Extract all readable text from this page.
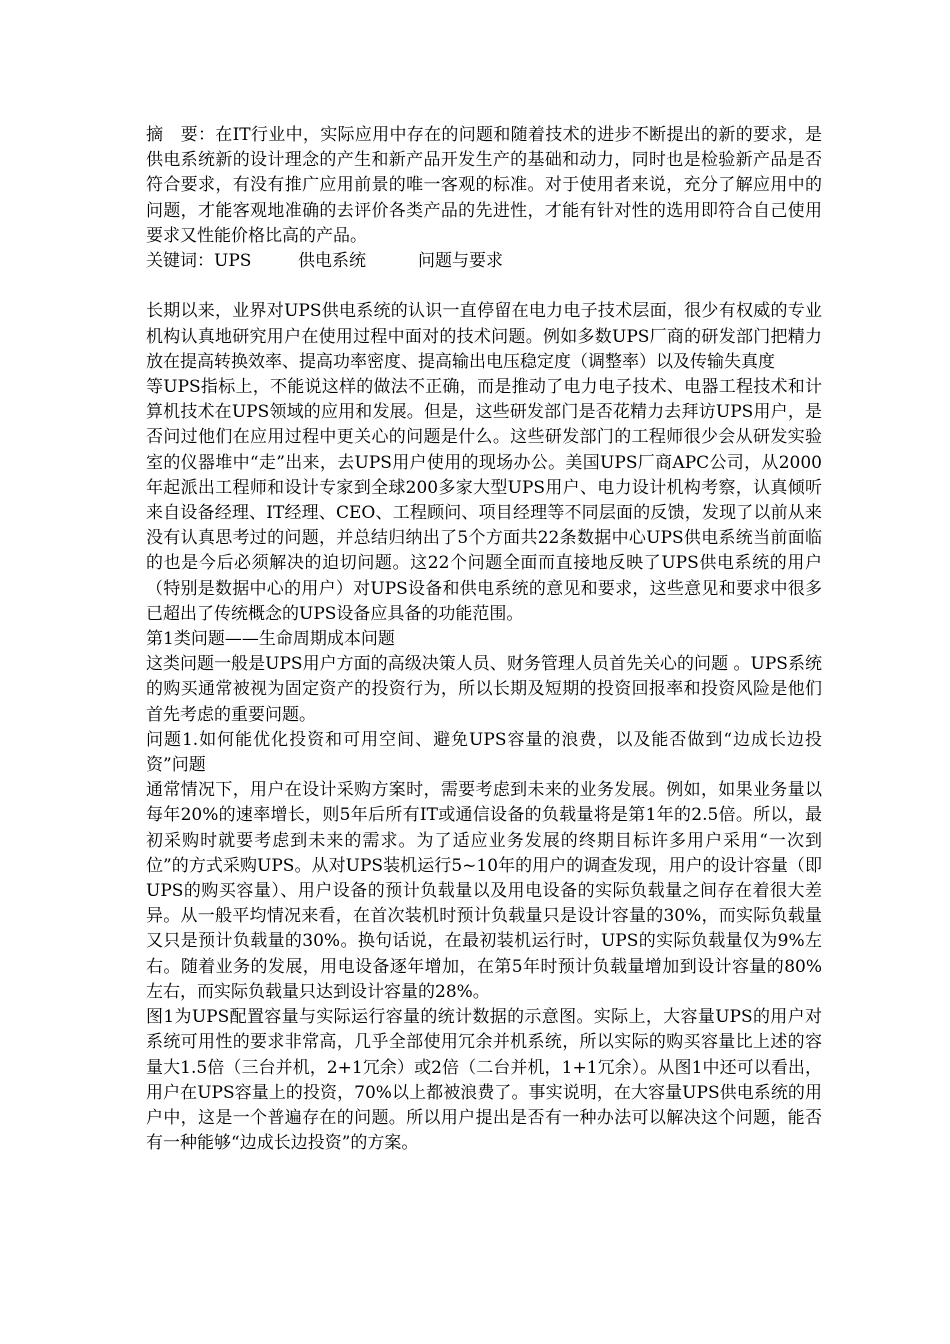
摘　要：在IT行业中，实际应用中存在的问题和随着技术的进步不断提出的新的要求，是供电系统新的设计理念的产生和新产品开发生产的基础和动力，同时也是检验新产品是否符合要求，有没有推广应用前景的唯一客观的标准。对于使用者来说，充分了解应用中的问题，才能客观地准确的去评价各类产品的先进性，才能有针对性的选用即符合自己使用要求又性能价格比高的产品。

关键词：UPS	供电系统	问题与要求

长期以来，业界对UPS供电系统的认识一直停留在电力电子技术层面，很少有权威的专业机构认真地研究用户在使用过程中面对的技术问题。例如多数UPS厂商的研发部门把精力放在提高转换效率、提高功率密度、提高输出电压稳定度（调整率）以及传输失真度

等UPS指标上，不能说这样的做法不正确，而是推动了电力电子技术、电器工程技术和计算机技术在UPS领域的应用和发展。但是，这些研发部门是否花精力去拜访UPS用户，是否问过他们在应用过程中更关心的问题是什么。这些研发部门的工程师很少会从研发实验室的仪器堆中“走”出来，去UPS用户使用的现场办公。美国UPS厂商APC公司，从2000年起派出工程师和设计专家到全球200多家大型UPS用户、电力设计机构考察，认真倾听来自设备经理、IT经理、CEO、工程顾问、项目经理等不同层面的反馈，发现了以前从来没有认真思考过的问题，并总结归纳出了5个方面共22条数据中心UPS供电系统当前面临的也是今后必须解决的迫切问题。这22个问题全面而直接地反映了UPS供电系统的用户（特别是数据中心的用户）对UPS设备和供电系统的意见和要求，这些意见和要求中很多已超出了传统概念的UPS设备应具备的功能范围。

第1类问题——生命周期成本问题

这类问题一般是UPS用户方面的高级决策人员、财务管理人员首先关心的问题 。UPS系统的购买通常被视为固定资产的投资行为，所以长期及短期的投资回报率和投资风险是他们首先考虑的重要问题。

问题1.如何能优化投资和可用空间、避免UPS容量的浪费，以及能否做到“边成长边投资”问题

通常情况下，用户在设计采购方案时，需要考虑到未来的业务发展。例如，如果业务量以每年20%的速率增长，则5年后所有IT或通信设备的负载量将是第1年的2.5倍。所以，最初采购时就要考虑到未来的需求。为了适应业务发展的终期目标许多用户采用“一次到位”的方式采购UPS。从对UPS装机运行5~10年的用户的调查发现，用户的设计容量（即UPS的购买容量）、用户设备的预计负载量以及用电设备的实际负载量之间存在着很大差异。从一般平均情况来看，在首次装机时预计负载量只是设计容量的30%，而实际负载量又只是预计负载量的30%。换句话说，在最初装机运行时，UPS的实际负载量仅为9%左右。随着业务的发展，用电设备逐年增加，在第5年时预计负载量增加到设计容量的80%左右，而实际负载量只达到设计容量的28%。

图1为UPS配置容量与实际运行容量的统计数据的示意图。实际上，大容量UPS的用户对系统可用性的要求非常高，几乎全部使用冗余并机系统，所以实际的购买容量比上述的容量大1.5倍（三台并机，2+1冗余）或2倍（二台并机，1+1冗余）。从图1中还可以看出，用户在UPS容量上的投资，70%以上都被浪费了。事实说明，在大容量UPS供电系统的用户中，这是一个普遍存在的问题。所以用户提出是否有一种办法可以解决这个问题，能否有一种能够“边成长边投资”的方案。
